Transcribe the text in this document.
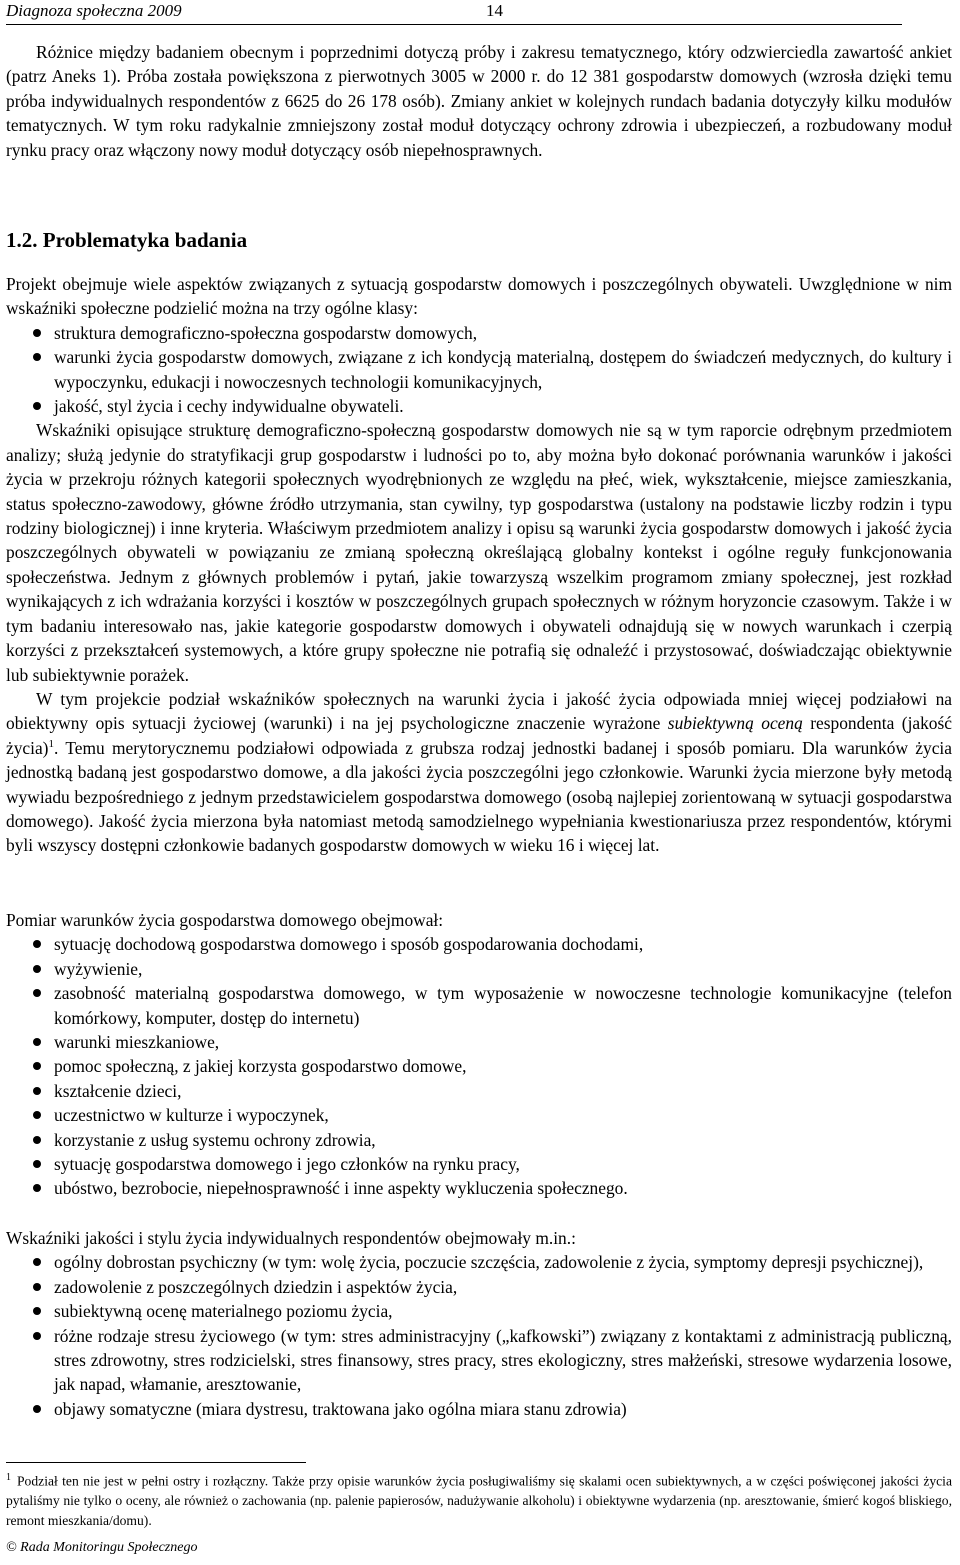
Diagnoza społeczna 2009	14

Różnice między badaniem obecnym i poprzednimi dotyczą próby i zakresu tematycznego, który odzwierciedla zawartość ankiet (patrz Aneks 1). Próba została powiększona z pierwotnych 3005 w 2000 r. do 12 381 gospodarstw domowych (wzrosła dzięki temu próba indywidualnych respondentów z 6625 do 26 178 osób). Zmiany ankiet w kolejnych rundach badania dotyczyły kilku modułów tematycznych. W tym roku radykalnie zmniejszony został moduł dotyczący ochrony zdrowia i ubezpieczeń, a rozbudowany moduł rynku pracy oraz włączony nowy moduł dotyczący osób niepełnosprawnych.

1.2. Problematyka badania

Projekt obejmuje wiele aspektów związanych z sytuacją gospodarstw domowych i poszczególnych obywateli. Uwzględnione w nim wskaźniki społeczne podzielić można na trzy ogólne klasy:

struktura demograficzno-społeczna gospodarstw domowych,
warunki życia gospodarstw domowych, związane z ich kondycją materialną, dostępem do świadczeń medycznych, do kultury i wypoczynku, edukacji i nowoczesnych technologii komunikacyjnych,
jakość, styl życia i cechy indywidualne obywateli.

Wskaźniki opisujące strukturę demograficzno-społeczną gospodarstw domowych nie są w tym raporcie odrębnym przedmiotem analizy; służą jedynie do stratyfikacji grup gospodarstw i ludności po to, aby można było dokonać porównania warunków i jakości życia w przekroju różnych kategorii społecznych wyodrębnionych ze względu na płeć, wiek, wykształcenie, miejsce zamieszkania, status społeczno-zawodowy, główne źródło utrzymania, stan cywilny, typ gospodarstwa (ustalony na podstawie liczby rodzin i typu rodziny biologicznej) i inne kryteria. Właściwym przedmiotem analizy i opisu są warunki życia gospodarstw domowych i jakość życia poszczególnych obywateli w powiązaniu ze zmianą społeczną określającą globalny kontekst i ogólne reguły funkcjonowania społeczeństwa. Jednym z głównych problemów i pytań, jakie towarzyszą wszelkim programom zmiany społecznej, jest rozkład wynikających z ich wdrażania korzyści i kosztów w poszczególnych grupach społecznych w różnym horyzoncie czasowym. Także i w tym badaniu interesowało nas, jakie kategorie gospodarstw domowych i obywateli odnajdują się w nowych warunkach i czerpią korzyści z przekształceń systemowych, a które grupy społeczne nie potrafią się odnaleźć i przystosować, doświadczając obiektywnie lub subiektywnie porażek.

W tym projekcie podział wskaźników społecznych na warunki życia i jakość życia odpowiada mniej więcej podziałowi na obiektywny opis sytuacji życiowej (warunki) i na jej psychologiczne znaczenie wyrażone subiektywną oceną respondenta (jakość życia)$^1$. Temu merytorycznemu podziałowi odpowiada z grubsza rodzaj jednostki badanej i sposób pomiaru. Dla warunków życia jednostką badaną jest gospodarstwo domowe, a dla jakości życia poszczególni jego członkowie. Warunki życia mierzone były metodą wywiadu bezpośredniego z jednym przedstawicielem gospodarstwa domowego (osobą najlepiej zorientowaną w sytuacji gospodarstwa domowego). Jakość życia mierzona była natomiast metodą samodzielnego wypełniania kwestionariusza przez respondentów, którymi byli wszyscy dostępni członkowie badanych gospodarstw domowych w wieku 16 i więcej lat.

Pomiar warunków życia gospodarstwa domowego obejmował:

sytuację dochodową gospodarstwa domowego i sposób gospodarowania dochodami,
wyżywienie,
zasobność materialną gospodarstwa domowego, w tym wyposażenie w nowoczesne technologie komunikacyjne (telefon komórkowy, komputer, dostęp do internetu)
warunki mieszkaniowe,
pomoc społeczną, z jakiej korzysta gospodarstwo domowe,
kształcenie dzieci,
uczestnictwo w kulturze i wypoczynek,
korzystanie z usług systemu ochrony zdrowia,
sytuację gospodarstwa domowego i jego członków na rynku pracy,
ubóstwo, bezrobocie, niepełnosprawność i inne aspekty wykluczenia społecznego.

Wskaźniki jakości i stylu życia indywidualnych respondentów obejmowały m.in.:

ogólny dobrostan psychiczny (w tym: wolę życia, poczucie szczęścia, zadowolenie z życia, symptomy depresji psychicznej),
zadowolenie z poszczególnych dziedzin i aspektów życia,
subiektywną ocenę materialnego poziomu życia,
różne rodzaje stresu życiowego (w tym: stres administracyjny („kafkowski”) związany z kontaktami z administracją publiczną, stres zdrowotny, stres rodzicielski, stres finansowy, stres pracy, stres ekologiczny, stres małżeński, stresowe wydarzenia losowe, jak napad, włamanie, aresztowanie,
objawy somatyczne (miara dystresu, traktowana jako ogólna miara stanu zdrowia)
$^1$ Podział ten nie jest w pełni ostry i rozłączny. Także przy opisie warunków życia posługiwaliśmy się skalami ocen subiektywnych, a w części poświęconej jakości życia pytaliśmy nie tylko o oceny, ale również o zachowania (np. palenie papierosów, nadużywanie alkoholu) i obiektywne wydarzenia (np. aresztowanie, śmierć kogoś bliskiego, remont mieszkania/domu).
© Rada Monitoringu Społecznego
